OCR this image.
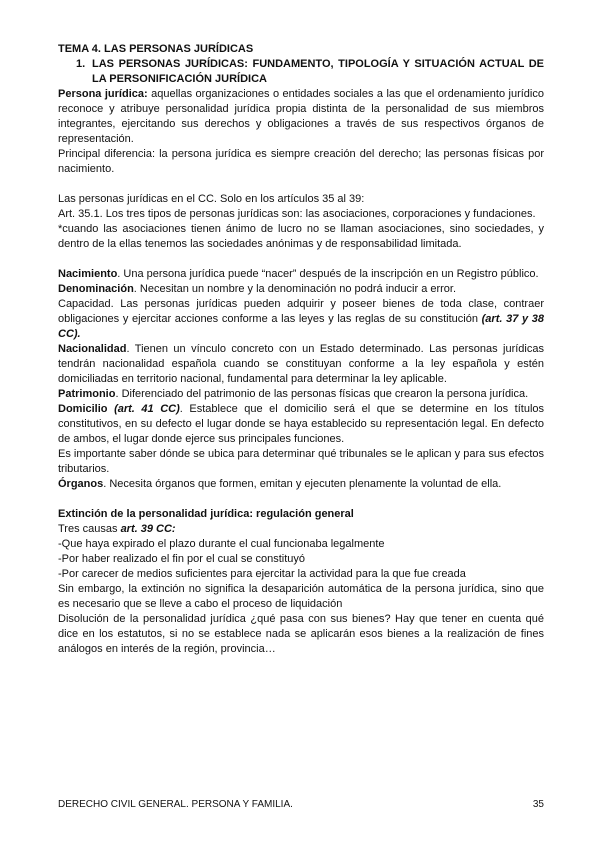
TEMA 4. LAS PERSONAS JURÍDICAS

1. LAS PERSONAS JURÍDICAS: FUNDAMENTO, TIPOLOGÍA Y SITUACIÓN ACTUAL DE LA PERSONIFICACIÓN JURÍDICA

Persona jurídica: aquellas organizaciones o entidades sociales a las que el ordenamiento jurídico reconoce y atribuye personalidad jurídica propia distinta de la personalidad de sus miembros integrantes, ejercitando sus derechos y obligaciones a través de sus respectivos órganos de representación.

Principal diferencia: la persona jurídica es siempre creación del derecho; las personas físicas por nacimiento.

Las personas jurídicas en el CC. Solo en los artículos 35 al 39:

Art. 35.1. Los tres tipos de personas jurídicas son: las asociaciones, corporaciones y fundaciones.

*cuando las asociaciones tienen ánimo de lucro no se llaman asociaciones, sino sociedades, y dentro de la ellas tenemos las sociedades anónimas y de responsabilidad limitada.

Nacimiento. Una persona jurídica puede “nacer” después de la inscripción en un Registro público.

Denominación. Necesitan un nombre y la denominación no podrá inducir a error.

Capacidad. Las personas jurídicas pueden adquirir y poseer bienes de toda clase, contraer obligaciones y ejercitar acciones conforme a las leyes y las reglas de su constitución (art. 37 y 38 CC).

Nacionalidad. Tienen un vínculo concreto con un Estado determinado. Las personas jurídicas tendrán nacionalidad española cuando se constituyan conforme a la ley española y estén domiciliadas en territorio nacional, fundamental para determinar la ley aplicable.

Patrimonio. Diferenciado del patrimonio de las personas físicas que crearon la persona jurídica.

Domicilio (art. 41 CC). Establece que el domicilio será el que se determine en los títulos constitutivos, en su defecto el lugar donde se haya establecido su representación legal. En defecto de ambos, el lugar donde ejerce sus principales funciones.

Es importante saber dónde se ubica para determinar qué tribunales se le aplican y para sus efectos tributarios.

Órganos. Necesita órganos que formen, emitan y ejecuten plenamente la voluntad de ella.

Extinción de la personalidad jurídica: regulación general

Tres causas art. 39 CC:

-Que haya expirado el plazo durante el cual funcionaba legalmente

-Por haber realizado el fin por el cual se constituyó

-Por carecer de medios suficientes para ejercitar la actividad para la que fue creada

Sin embargo, la extinción no significa la desaparición automática de la persona jurídica, sino que es necesario que se lleve a cabo el proceso de liquidación

Disolución de la personalidad jurídica ¿qué pasa con sus bienes? Hay que tener en cuenta qué dice en los estatutos, si no se establece nada se aplicarán esos bienes a la realización de fines análogos en interés de la región, provincia…

DERECHO CIVIL GENERAL. PERSONA Y FAMILIA.	35
